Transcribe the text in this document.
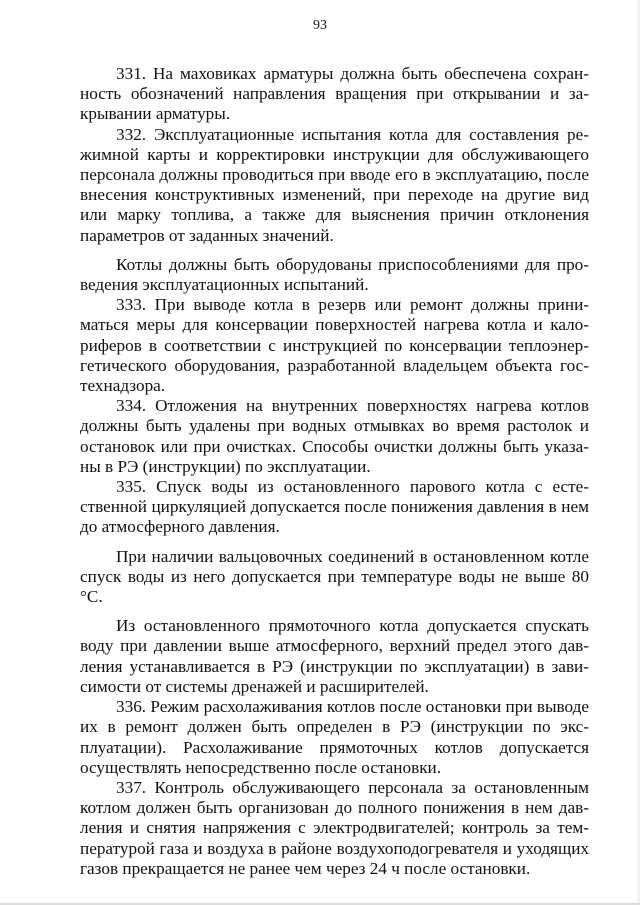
93

331. На маховиках арматуры должна быть обеспечена сохранность обозначений направления вращения при открывании и закрывании арматуры.

332. Эксплуатационные испытания котла для составления режимной карты и корректировки инструкции для обслуживающего персонала должны проводиться при вводе его в эксплуатацию, после внесения конструктивных изменений, при переходе на другие вид или марку топлива, а также для выяснения причин отклонения параметров от заданных значений.

Котлы должны быть оборудованы приспособлениями для проведения эксплуатационных испытаний.

333. При выводе котла в резерв или ремонт должны приниматься меры для консервации поверхностей нагрева котла и калориферов в соответствии с инструкцией по консервации теплоэнергетического оборудования, разработанной владельцем объекта гостехнадзора.

334. Отложения на внутренних поверхностях нагрева котлов должны быть удалены при водных отмывках во время растолок и остановок или при очистках. Способы очистки должны быть указаны в РЭ (инструкции) по эксплуатации.

335. Спуск воды из остановленного парового котла с естественной циркуляцией допускается после понижения давления в нем до атмосферного давления.

При наличии вальцовочных соединений в остановленном котле спуск воды из него допускается при температуре воды не выше 80 °С.

Из остановленного прямоточного котла допускается спускать воду при давлении выше атмосферного, верхний предел этого давления устанавливается в РЭ (инструкции по эксплуатации) в зависимости от системы дренажей и расширителей.

336. Режим расхолаживания котлов после остановки при выводе их в ремонт должен быть определен в РЭ (инструкции по эксплуатации). Расхолаживание прямоточных котлов допускается осуществлять непосредственно после остановки.

337. Контроль обслуживающего персонала за остановленным котлом должен быть организован до полного понижения в нем давления и снятия напряжения с электродвигателей; контроль за температурой газа и воздуха в районе воздухоподогревателя и уходящих газов прекращается не ранее чем через 24 ч после остановки.
